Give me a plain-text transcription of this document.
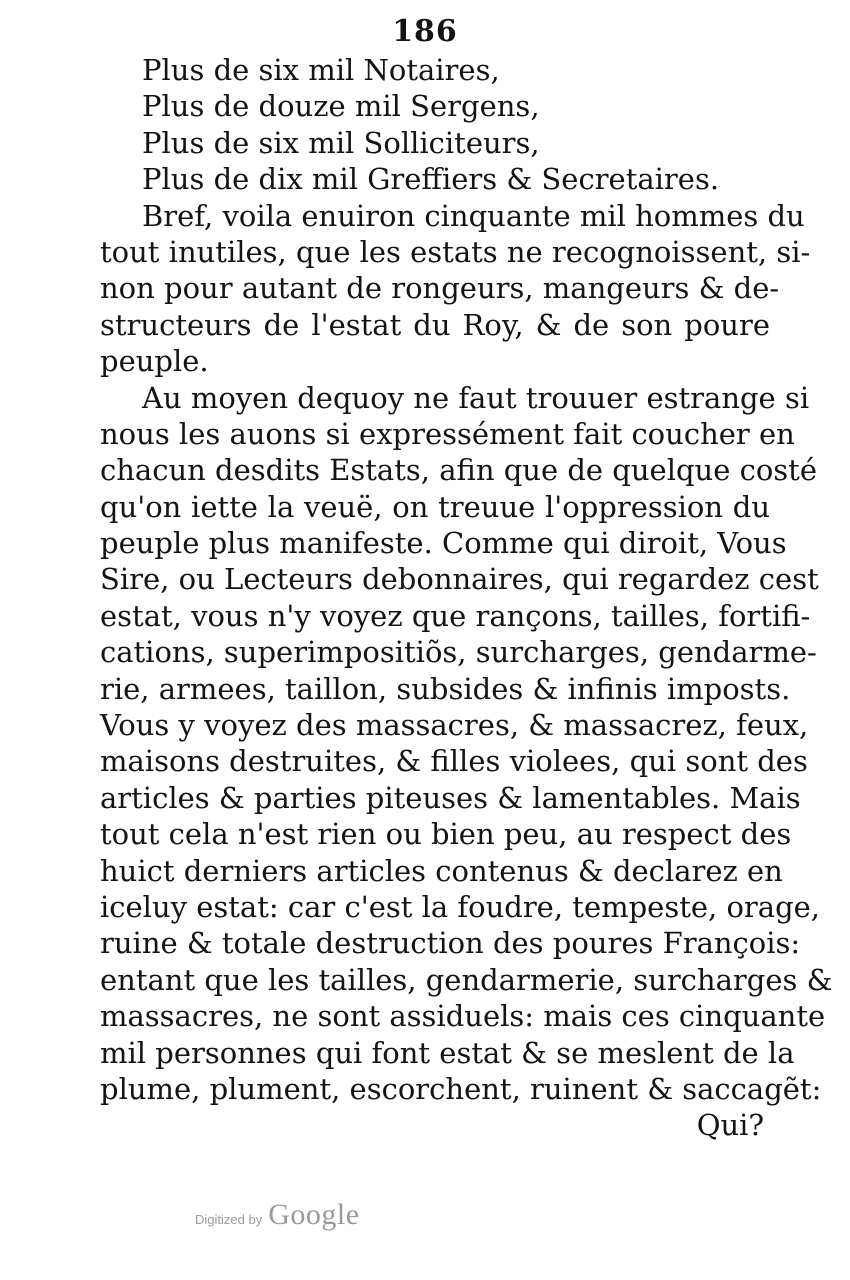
186
Plus de six mil Notaires,
Plus de douze mil Sergens,
Plus de six mil Solliciteurs,
Plus de dix mil Greffiers & Secretaires.
Bref, voila enuiron cinquante mil hommes du
tout inutiles, que les estats ne recognoissent, si-
non pour autant de rongeurs, mangeurs & de-
structeurs de l'estat du Roy, & de son poure
peuple.
Au moyen dequoy ne faut trouuer estrange si
nous les auons si expressément fait coucher en
chacun desdits Estats, afin que de quelque costé
qu'on iette la veuë, on treuue l'oppression du
peuple plus manifeste. Comme qui diroit, Vous
Sire, ou Lecteurs debonnaires, qui regardez cest
estat, vous n'y voyez que rançons, tailles, fortifi-
cations, superimpositiõs, surcharges, gendarme-
rie, armees, taillon, subsides & infinis imposts.
Vous y voyez des massacres, & massacrez, feux,
maisons destruites, & filles violees, qui sont des
articles & parties piteuses & lamentables. Mais
tout cela n'est rien ou bien peu, au respect des
huict derniers articles contenus & declarez en
iceluy estat: car c'est la foudre, tempeste, orage,
ruine & totale destruction des poures François:
entant que les tailles, gendarmerie, surcharges &
massacres, ne sont assiduels: mais ces cinquante
mil personnes qui font estat & se meslent de la
plume, plument, escorchent, ruinent & saccagẽt:
Qui?
Digitized by Google
